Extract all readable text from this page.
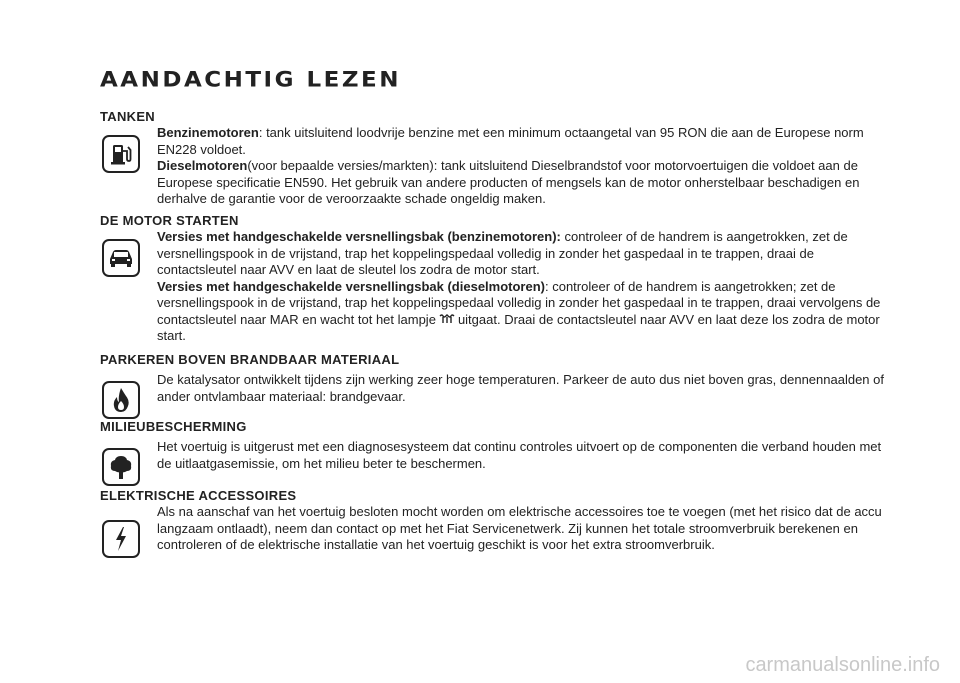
AANDACHTIG LEZEN
TANKEN

Benzinemotoren: tank uitsluitend loodvrije benzine met een minimum octaangetal van 95 RON die aan de Europese norm EN228 voldoet.

Dieselmotoren(voor bepaalde versies/markten): tank uitsluitend Dieselbrandstof voor motorvoertuigen die voldoet aan de Europese specificatie EN590. Het gebruik van andere producten of mengsels kan de motor onherstelbaar beschadigen en derhalve de garantie voor de veroorzaakte schade ongeldig maken.

DE MOTOR STARTEN

Versies met handgeschakelde versnellingsbak (benzinemotoren): controleer of de handrem is aangetrokken, zet de versnellingspook in de vrijstand, trap het koppelingspedaal volledig in zonder het gaspedaal in te trappen, draai de contactsleutel naar AVV en laat de sleutel los zodra de motor start.

Versies met handgeschakelde versnellingsbak (dieselmotoren): controleer of de handrem is aangetrokken; zet de versnellingspook in de vrijstand, trap het koppelingspedaal volledig in zonder het gaspedaal in te trappen, draai vervolgens de contactsleutel naar MAR en wacht tot het lampje uitgaat. Draai de contactsleutel naar AVV en laat deze los zodra de motor start.

PARKEREN BOVEN BRANDBAAR MATERIAAL

De katalysator ontwikkelt tijdens zijn werking zeer hoge temperaturen. Parkeer de auto dus niet boven gras, dennennaalden of ander ontvlambaar materiaal: brandgevaar.

MILIEUBESCHERMING

Het voertuig is uitgerust met een diagnosesysteem dat continu controles uitvoert op de componenten die verband houden met de uitlaatgasemissie, om het milieu beter te beschermen.

ELEKTRISCHE ACCESSOIRES

Als na aanschaf van het voertuig besloten mocht worden om elektrische accessoires toe te voegen (met het risico dat de accu langzaam ontlaadt), neem dan contact op met het Fiat Servicenetwerk. Zij kunnen het totale stroomverbruik berekenen en controleren of de elektrische installatie van het voertuig geschikt is voor het extra stroomverbruik.

carmanualsonline.info
